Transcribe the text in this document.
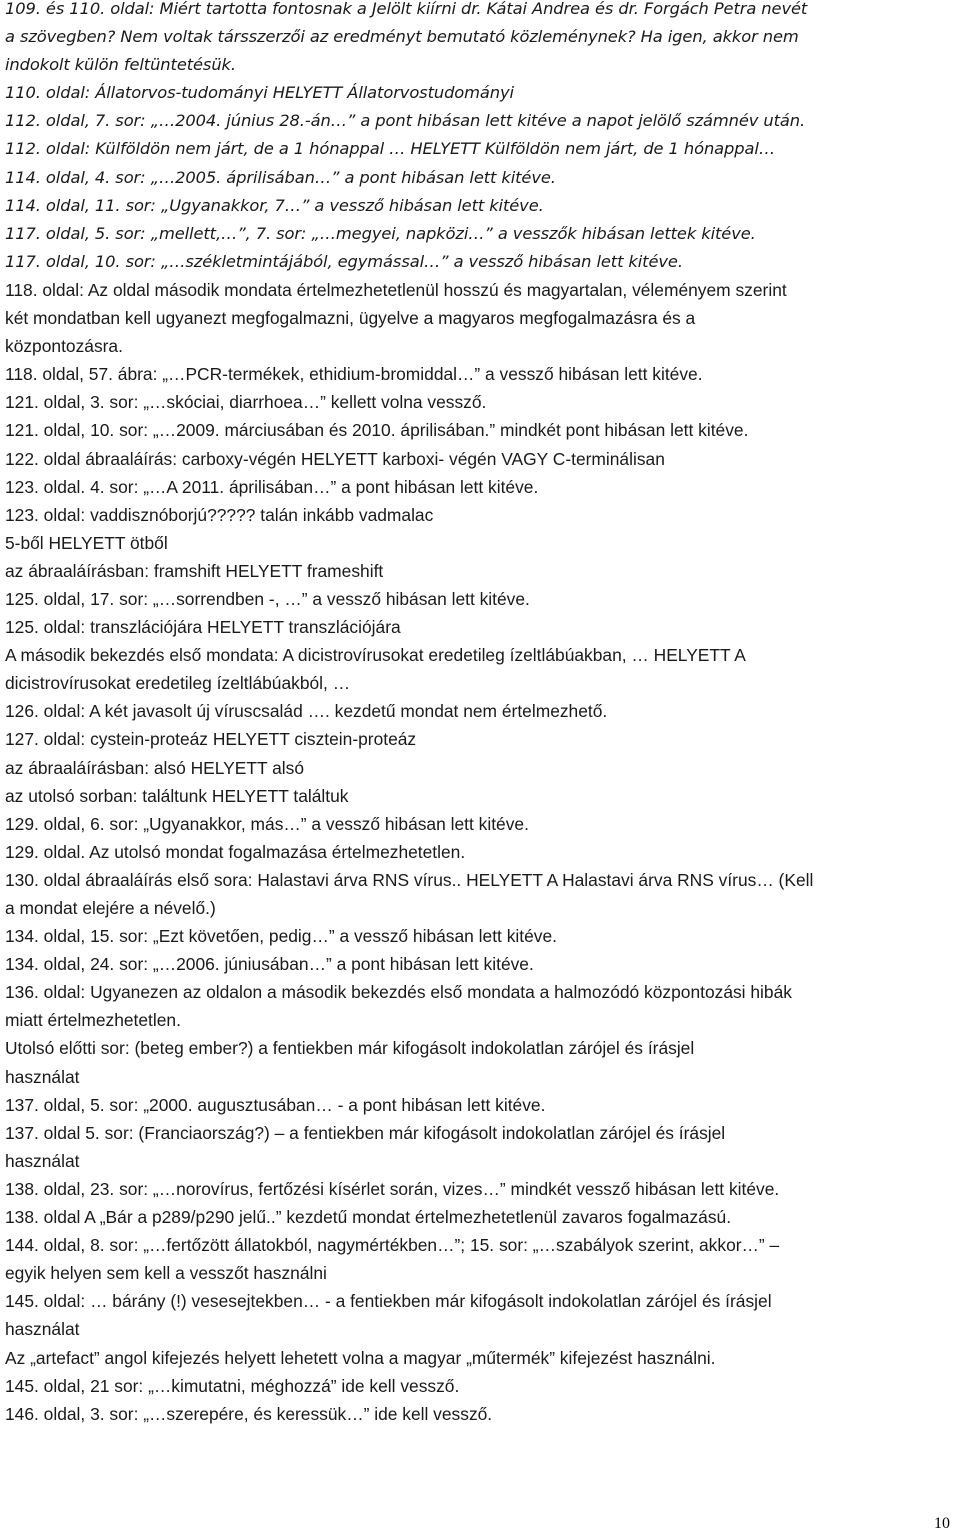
109. és 110. oldal: Miért tartotta fontosnak a Jelölt kiírni dr. Kátai Andrea és dr. Forgách Petra nevét

a szövegben? Nem voltak társszerzői az eredményt bemutató közleménynek? Ha igen, akkor nem

indokolt külön feltüntetésük.

110. oldal: Állatorvos-tudományi HELYETT Állatorvostudományi

112. oldal, 7. sor: „…2004. június 28.-án…” a pont hibásan lett kitéve a napot jelölő számnév után.

112. oldal: Külföldön nem járt, de a 1 hónappal … HELYETT Külföldön nem járt, de 1 hónappal…

114. oldal, 4. sor: „…2005. áprilisában…” a pont hibásan lett kitéve.

114. oldal, 11. sor: „Ugyanakkor, 7…” a vessző hibásan lett kitéve.

117. oldal, 5. sor: „mellett,…”, 7. sor: „…megyei, napközi…” a vesszők hibásan lettek kitéve.

117. oldal, 10. sor: „…székletmintájából, egymással…” a vessző hibásan lett kitéve.

118. oldal: Az oldal második mondata értelmezhetetlenül hosszú és magyartalan, véleményem szerint

két mondatban kell ugyanezt megfogalmazni, ügyelve a magyaros megfogalmazásra és a

központozásra.

118. oldal, 57. ábra: „…PCR-termékek, ethidium-bromiddal…” a vessző hibásan lett kitéve.

121. oldal, 3. sor: „…skóciai, diarrhoea…” kellett volna vessző.

121. oldal, 10. sor: „…2009. márciusában és 2010. áprilisában.” mindkét pont hibásan lett kitéve.

122. oldal ábraaláírás: carboxy-végén HELYETT karboxi- végén VAGY C-terminálisan

123. oldal. 4. sor: „…A 2011. áprilisában…” a pont hibásan lett kitéve.

123. oldal: vaddisznóborjú????? talán inkább vadmalac

5-ből HELYETT ötből

az ábraaláírásban: framshift HELYETT frameshift

125. oldal, 17. sor: „…sorrendben -, …” a vessző hibásan lett kitéve.

125. oldal: transzlációjára HELYETT transzlációjára

A második bekezdés első mondata: A dicistrovírusokat eredetileg ízeltlábúakban, … HELYETT A

dicistrovírusokat eredetileg ízeltlábúakból, …

126. oldal: A két javasolt új víruscsalád …. kezdetű mondat nem értelmezhető.

127. oldal: cystein-proteáz HELYETT cisztein-proteáz

az ábraaláírásban: alsó HELYETT alsó

az utolsó sorban: találtunk HELYETT találtuk

129. oldal, 6. sor: „Ugyanakkor, más…” a vessző hibásan lett kitéve.

129. oldal. Az utolsó mondat fogalmazása értelmezhetetlen.

130. oldal ábraaláírás első sora: Halastavi árva RNS vírus.. HELYETT A Halastavi árva RNS vírus… (Kell

a mondat elejére a névelő.)

134. oldal, 15. sor: „Ezt követően, pedig…” a vessző hibásan lett kitéve.

134. oldal, 24. sor: „…2006. júniusában…” a pont hibásan lett kitéve.

136. oldal: Ugyanezen az oldalon a második bekezdés első mondata a halmozódó központozási hibák

miatt értelmezhetetlen.

Utolsó előtti sor: (beteg ember?) a fentiekben már kifogásolt indokolatlan zárójel és írásjel

használat

137. oldal, 5. sor: „2000. augusztusában… - a pont hibásan lett kitéve.

137. oldal 5. sor: (Franciaország?) – a fentiekben már kifogásolt indokolatlan zárójel és írásjel

használat

138. oldal, 23. sor: „…norovírus, fertőzési kísérlet során, vizes…” mindkét vessző hibásan lett kitéve.

138. oldal A „Bár a p289/p290 jelű..” kezdetű mondat értelmezhetetlenül zavaros fogalmazású.

144. oldal, 8. sor: „…fertőzött állatokból, nagymértékben…”; 15. sor: „…szabályok szerint, akkor…” –

egyik helyen sem kell a vesszőt használni

145. oldal: … bárány (!) vesesejtekben… - a fentiekben már kifogásolt indokolatlan zárójel és írásjel

használat

Az „artefact” angol kifejezés helyett lehetett volna a magyar „műtermék” kifejezést használni.

145. oldal, 21 sor: „…kimutatni, méghozzá” ide kell vessző.

146. oldal, 3. sor: „…szerepére, és keressük…” ide kell vessző.

10
